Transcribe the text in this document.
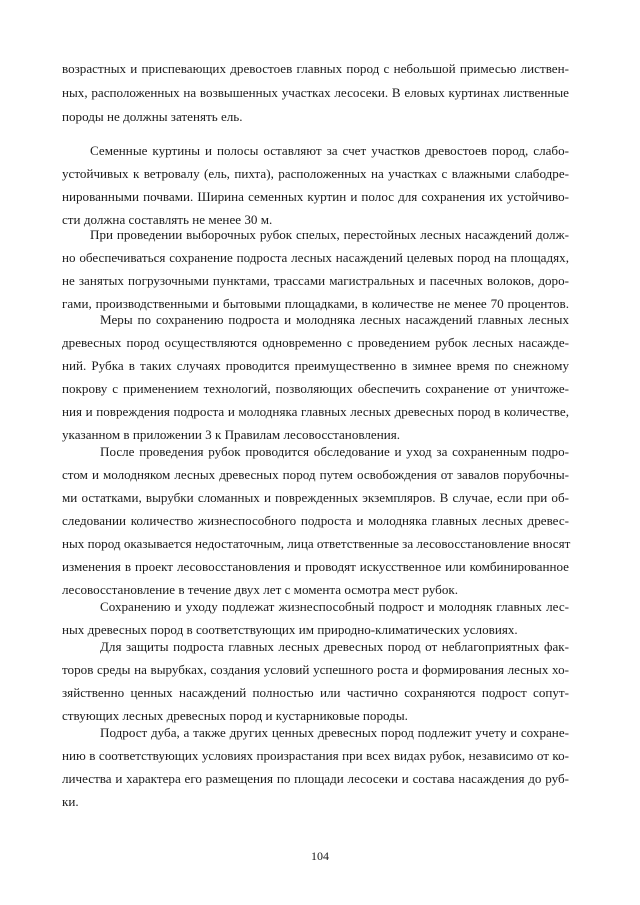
возрастных и приспевающих древостоев главных пород с небольшой примесью листвен-
ных, расположенных на возвышенных участках лесосеки. В еловых куртинах лиственные
породы не должны затенять ель.
Семенные куртины и полосы оставляют за счет участков древостоев пород, слабо-
устойчивых к ветровалу (ель, пихта), расположенных на участках с влажными слабодре-
нированными почвами. Ширина семенных куртин и полос для сохранения их устойчиво-
сти должна составлять не менее 30 м.
При проведении выборочных рубок спелых, перестойных лесных насаждений долж-
но обеспечиваться сохранение подроста лесных насаждений целевых пород на площадях,
не занятых погрузочными пунктами, трассами магистральных и пасечных волоков, доро-
гами, производственными и бытовыми площадками, в количестве не менее 70 процентов.
Меры по сохранению подроста и молодняка лесных насаждений главных лесных
древесных пород осуществляются одновременно с проведением рубок лесных насажде-
ний. Рубка в таких случаях проводится преимущественно в зимнее время по снежному
покрову с применением технологий, позволяющих обеспечить сохранение от уничтоже-
ния и повреждения подроста и молодняка главных лесных древесных пород в количестве,
указанном в приложении 3 к Правилам лесовосстановления.
После проведения рубок проводится обследование и уход за сохраненным подро-
стом и молодняком лесных древесных пород путем освобождения от завалов порубочны-
ми остатками, вырубки сломанных и поврежденных экземпляров. В случае, если при об-
следовании количество жизнеспособного подроста и молодняка главных лесных древес-
ных пород оказывается недостаточным, лица ответственные за лесовосстановление вносят
изменения в проект лесовосстановления и проводят искусственное или комбинированное
лесовосстановление в течение двух лет с момента осмотра мест рубок.
Сохранению и уходу подлежат жизнеспособный подрост и молодняк главных лес-
ных древесных пород в соответствующих им природно-климатических условиях.
Для защиты подроста главных лесных древесных пород от неблагоприятных фак-
торов среды на вырубках, создания условий успешного роста и формирования лесных хо-
зяйственно ценных насаждений полностью или частично сохраняются подрост сопут-
ствующих лесных древесных пород и кустарниковые породы.
Подрост дуба, а также других ценных древесных пород подлежит учету и сохране-
нию в соответствующих условиях произрастания при всех видах рубок, независимо от ко-
личества и характера его размещения по площади лесосеки и состава насаждения до руб-
ки.
104
